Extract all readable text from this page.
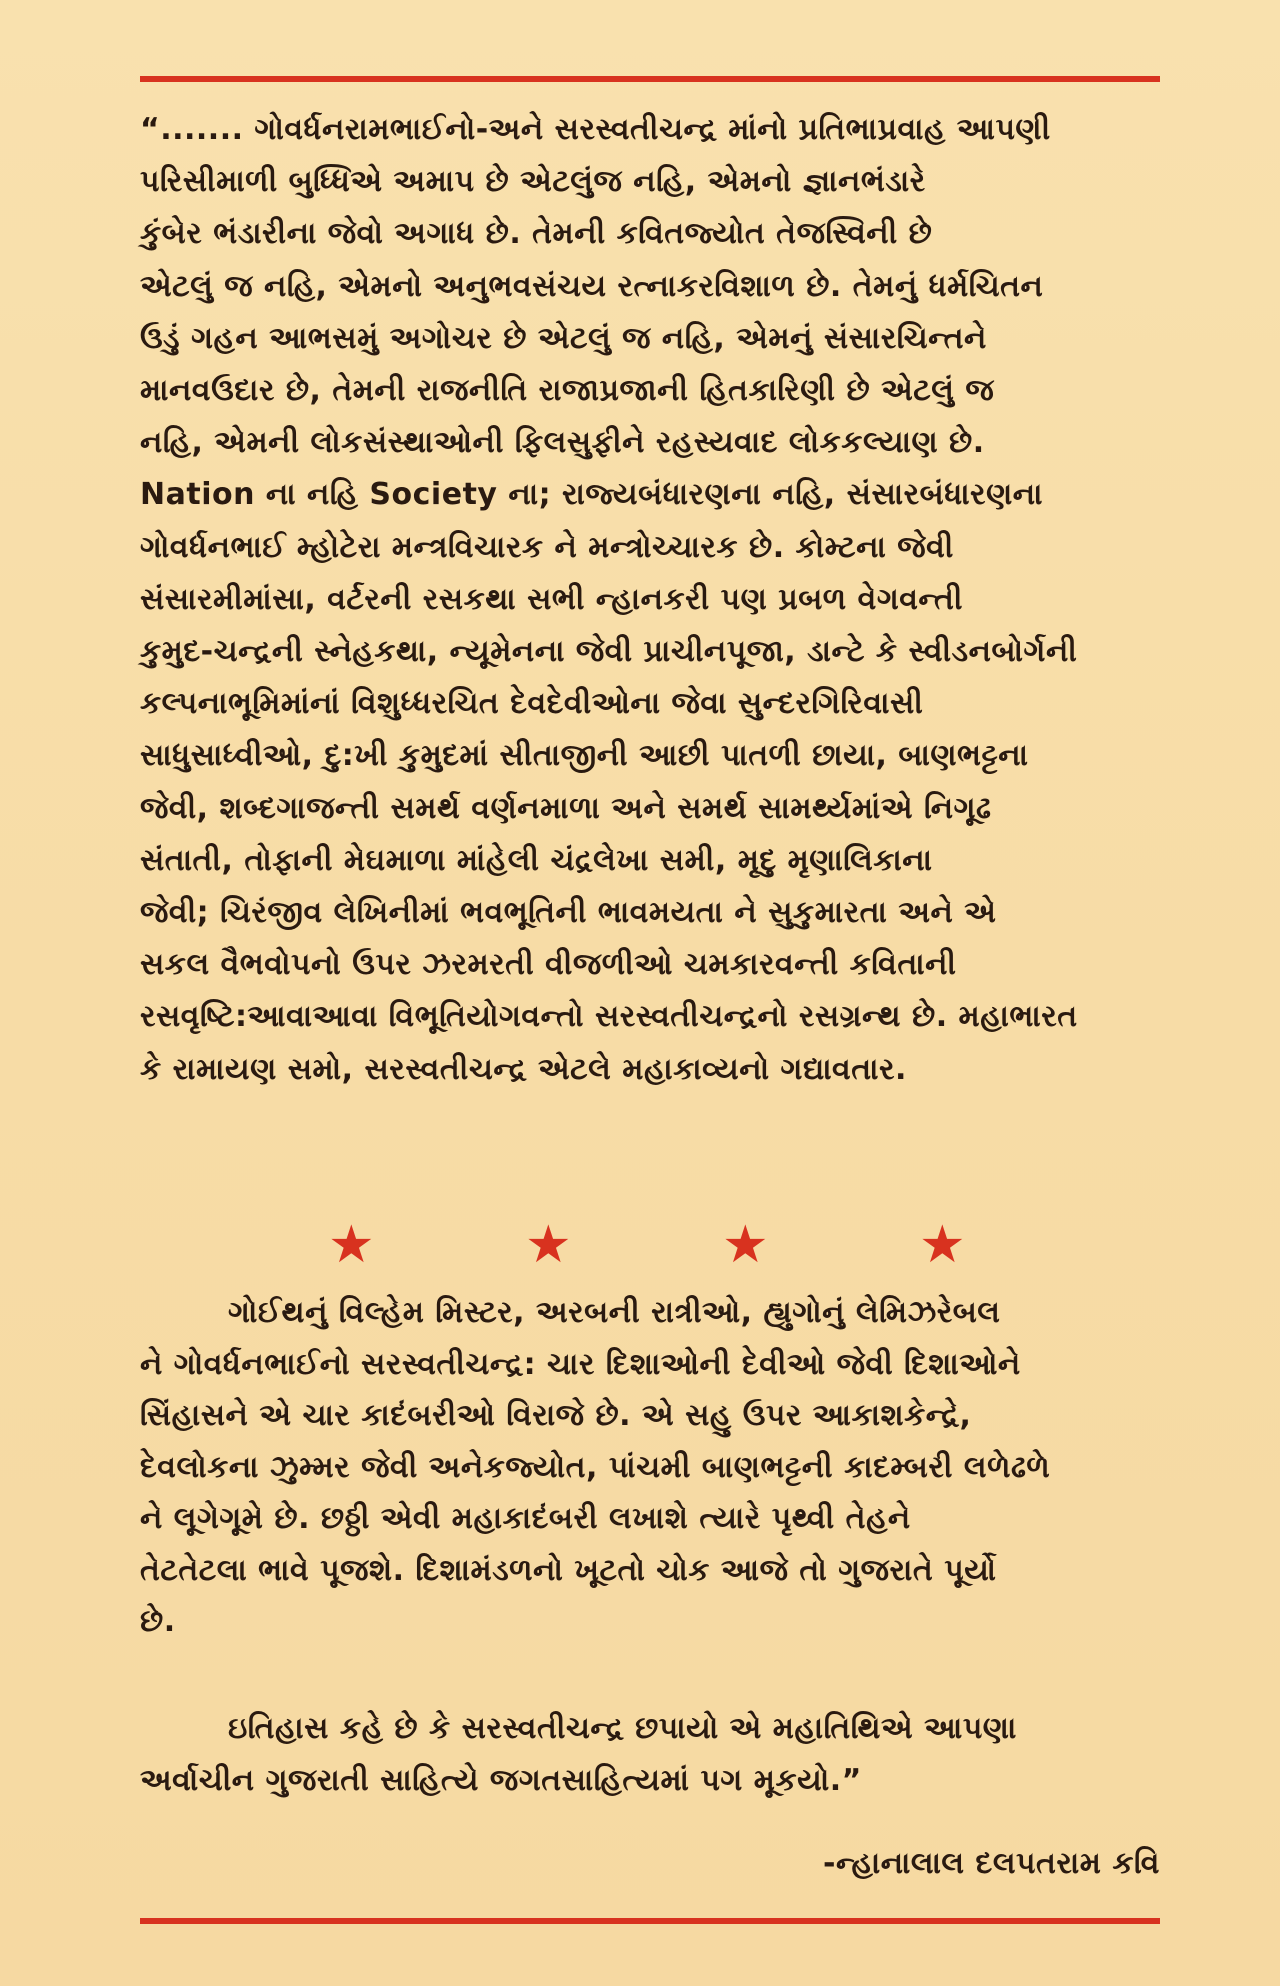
“....... ગોવર્ધનરામભાઈનો-અને સરસ્વતીચન્દ્ર માંનો પ્રતિભાપ્રવાહ આપણી
પરિસીમાળી બુધ્ધિએ અમાપ છે એટલુંજ નહિ, એમનો જ્ઞાનભંડારે
કુંબેર ભંડારીના જેવો અગાધ છે. તેમની કવિતજ્યોત તેજસ્વિની છે
એટલું જ નહિ, એમનો અનુભવસંચય રત્નાકરવિશાળ છે. તેમનું ધર્મચિતન
ઉડું ગહન આભસમું અગોચર છે એટલું જ નહિ, એમનું સંસારચિન્તને
માનવઉદાર છે, તેમની રાજનીતિ રાજાપ્રજાની હિતકારિણી છે એટલું જ
નહિ, એમની લોકસંસ્થાઓની ફિલસુફીને રહસ્યવાદ લોકકલ્યાણ છે.
Nation ના નહિ Society ના; રાજ્યબંધારણના નહિ, સંસારબંધારણના
ગોવર્ધનભાઈ મ્હોટેરા મન્ત્રવિચારક ને મન્ત્રોચ્ચારક છે. કોમ્ટના જેવી
સંસારમીમાંસા, વર્ટરની રસકથા સભી ન્હાનકરી પણ પ્રબળ વેગવન્તી
કુમુદ-ચન્દ્રની સ્નેહકથા, ન્યૂમેનના જેવી પ્રાચીનપૂજા, ડાન્ટે કે સ્વીડનબોર્ગની
કલ્પનાભૂમિમાંનાં વિશુધ્ધરચિત દેવદેવીઓના જેવા સુન્દરગિરિવાસી
સાધુસાધ્વીઓ, દુ:ખી કુમુદમાં સીતાજીની આછી પાતળી છાયા, બાણભટ્ટના
જેવી, શબ્દગાજન્તી સમર્થ વર્ણનમાળા અને સમર્થ સામર્થ્યમાંએ નિગૂઢ
સંતાતી, તોફાની મેઘમાળા માંહેલી ચંદ્રલેખા સમી, મૃદુ મૃણાલિકાના
જેવી; ચિરંજીવ લેખિનીમાં ભવભૂતિની ભાવમયતા ને સુકુમારતા અને એ
સકલ વૈભવોપનો ઉપર ઝરમરતી વીજળીઓ ચમકારવન્તી કવિતાની
રસવૃષ્ટિ:આવાઆવા વિભૂતિયોગવન્તો સરસ્વતીચન્દ્રનો રસગ્રન્થ છે. મહાભારત
કે રામાયણ સમો, સરસ્વતીચન્દ્ર એટલે મહાકાવ્યનો ગદ્યાવતાર.
★	★	★	★
ગોઈથનું વિલ્હેમ મિસ્ટર, અરબની રાત્રીઓ, હ્યુગોનું લેમિઝરેબલ
ને ગોવર્ધનભાઈનો સરસ્વતીચન્દ્ર: ચાર દિશાઓની દેવીઓ જેવી દિશાઓને
સિંહાસને એ ચાર કાદંબરીઓ વિરાજે છે. એ સહુ ઉપર આકાશકેન્દ્રે,
દેવલોકના ઝુમ્મર જેવી અનેકજ્યોત, પાંચમી બાણભટ્ટની કાદમ્બરી લળેઢળે
ને લૂગેગૂમે છે. છઠ્ઠી એવી મહાકાદંબરી લખાશે ત્યારે પૃથ્વી તેહને
તેટતેટલા ભાવે પૂજશે. દિશામંડળનો ખૂટતો ચોક આજે તો ગુજરાતે પૂર્યો
છે.
ઇતિહાસ કહે છે કે સરસ્વતીચન્દ્ર છપાયો એ મહાતિથિએ આપણા
અર્વાચીન ગુજરાતી સાહિત્યે જગતસાહિત્યમાં પગ મૂકયો.”
-ન્હાનાલાલ દલપતરામ કવિ
